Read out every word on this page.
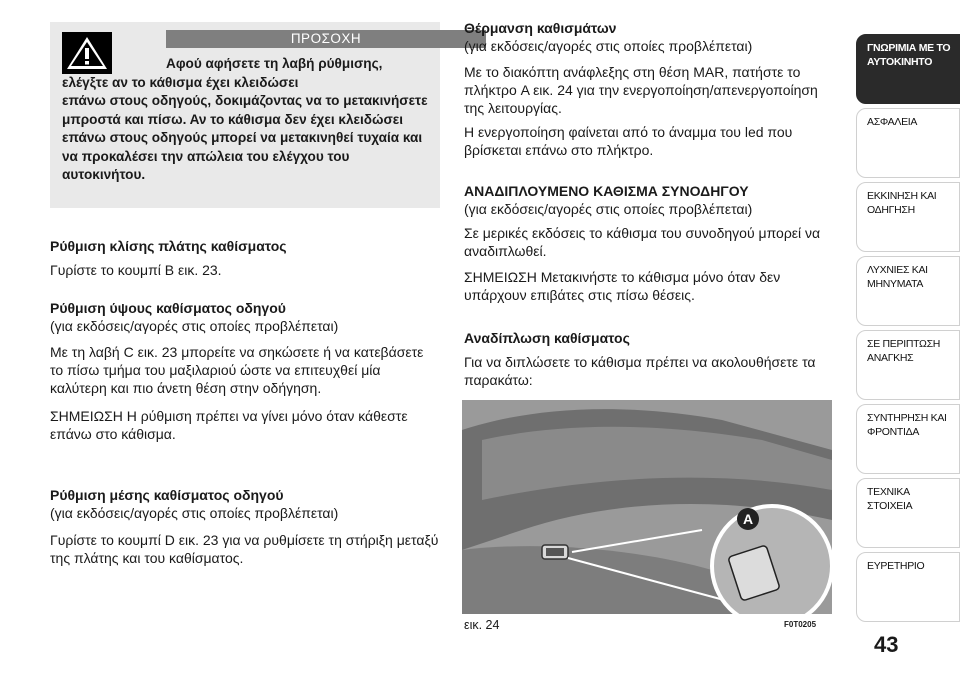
ΠΡΟΣΟΧΗ
Αφού αφήσετε τη λαβή ρύθμισης, ελέγξτε αν το κάθισμα έχει κλειδώσει
επάνω στους οδηγούς, δοκιμάζοντας να το μετακινήσετε μπροστά και πίσω. Αν το κάθισμα δεν έχει κλειδώσει επάνω στους οδηγούς μπορεί να μετακινηθεί τυχαία και να προκαλέσει την απώλεια του ελέγχου του αυτοκινήτου.
Ρύθμιση κλίσης πλάτης καθίσματος

Γυρίστε το κουμπί B εικ. 23.

Ρύθμιση ύψους καθίσματος οδηγού

(για εκδόσεις/αγορές στις οποίες προβλέπεται)

Με τη λαβή C εικ. 23 μπορείτε να σηκώσετε ή να κατεβάσετε το πίσω τμήμα του μαξιλαριού ώστε να επιτευχθεί μία καλύτερη και πιο άνετη θέση στην οδήγηση.

ΣΗΜΕΙΩΣΗ Η ρύθμιση πρέπει να γίνει μόνο όταν κάθεστε επάνω στο κάθισμα.

Ρύθμιση μέσης καθίσματος οδηγού

(για εκδόσεις/αγορές στις οποίες προβλέπεται)

Γυρίστε το κουμπί D εικ. 23 για να ρυθμίσετε τη στήριξη μεταξύ της πλάτης και του καθίσματος.

Θέρμανση καθισμάτων

(για εκδόσεις/αγορές στις οποίες προβλέπεται)

Με το διακόπτη ανάφλεξης στη θέση MAR, πατήστε το πλήκτρο A εικ. 24 για την ενεργοποίηση/απενεργοποίηση της λειτουργίας.

Η ενεργοποίηση φαίνεται από το άναμμα του led που βρίσκεται επάνω στο πλήκτρο.

ΑΝΑΔΙΠΛΟΥΜΕΝΟ ΚΑΘΙΣΜΑ ΣΥΝΟΔΗΓΟΥ

(για εκδόσεις/αγορές στις οποίες προβλέπεται)

Σε μερικές εκδόσεις το κάθισμα του συνοδηγού μπορεί να αναδιπλωθεί.

ΣΗΜΕΙΩΣΗ Μετακινήστε το κάθισμα μόνο όταν δεν υπάρχουν επιβάτες στις πίσω θέσεις.

Αναδίπλωση καθίσματος

Για να διπλώσετε το κάθισμα πρέπει να ακολουθήσετε τα παρακάτω:

A
εικ. 24	F0T0205
ΓΝΩΡΙΜΙΑ ΜΕ ΤΟ ΑΥΤΟΚΙΝΗΤΟ
ΑΣΦΑΛΕΙΑ
ΕΚΚΙΝΗΣΗ ΚΑΙ ΟΔΗΓΗΣΗ
ΛΥΧΝΙΕΣ ΚΑΙ ΜΗΝΥΜΑΤΑ
ΣΕ ΠΕΡΙΠΤΩΣΗ ΑΝΑΓΚΗΣ
ΣΥΝΤΗΡΗΣΗ ΚΑΙ ΦΡΟΝΤΙΔΑ
ΤΕΧΝΙΚΑ ΣΤΟΙΧΕΙΑ
ΕΥΡΕΤΗΡΙΟ
43
